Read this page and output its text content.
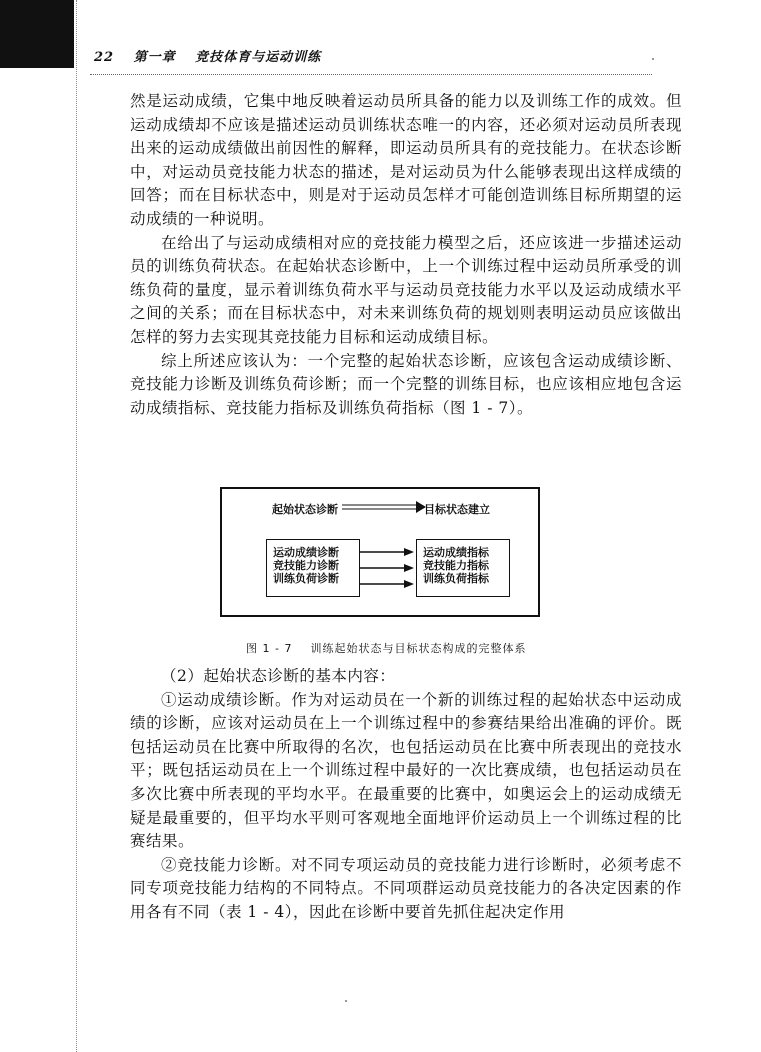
22 第一章 竞技体育与运动训练

然是运动成绩，它集中地反映着运动员所具备的能力以及训练工作的成效。但运动成绩却不应该是描述运动员训练状态唯一的内容，还必须对运动员所表现出来的运动成绩做出前因性的解释，即运动员所具有的竞技能力。在状态诊断中，对运动员竞技能力状态的描述，是对运动员为什么能够表现出这样成绩的回答；而在目标状态中，则是对于运动员怎样才可能创造训练目标所期望的运动成绩的一种说明。

在给出了与运动成绩相对应的竞技能力模型之后，还应该进一步描述运动员的训练负荷状态。在起始状态诊断中，上一个训练过程中运动员所承受的训练负荷的量度，显示着训练负荷水平与运动员竞技能力水平以及运动成绩水平之间的关系；而在目标状态中，对未来训练负荷的规划则表明运动员应该做出怎样的努力去实现其竞技能力目标和运动成绩目标。

综上所述应该认为：一个完整的起始状态诊断，应该包含运动成绩诊断、竞技能力诊断及训练负荷诊断；而一个完整的训练目标，也应该相应地包含运动成绩指标、竞技能力指标及训练负荷指标（图 1 - 7）。

起始状态诊断	目标状态建立
运动成绩诊断
竞技能力诊断
训练负荷诊断
运动成绩指标
竞技能力指标
训练负荷指标
图 1 - 7 训练起始状态与目标状态构成的完整体系

（2）起始状态诊断的基本内容：

①运动成绩诊断。作为对运动员在一个新的训练过程的起始状态中运动成绩的诊断，应该对运动员在上一个训练过程中的参赛结果给出准确的评价。既包括运动员在比赛中所取得的名次，也包括运动员在比赛中所表现出的竞技水平；既包括运动员在上一个训练过程中最好的一次比赛成绩，也包括运动员在多次比赛中所表现的平均水平。在最重要的比赛中，如奥运会上的运动成绩无疑是最重要的，但平均水平则可客观地全面地评价运动员上一个训练过程的比赛结果。

②竞技能力诊断。对不同专项运动员的竞技能力进行诊断时，必须考虑不同专项竞技能力结构的不同特点。不同项群运动员竞技能力的各决定因素的作用各有不同（表 1 - 4），因此在诊断中要首先抓住起决定作用
